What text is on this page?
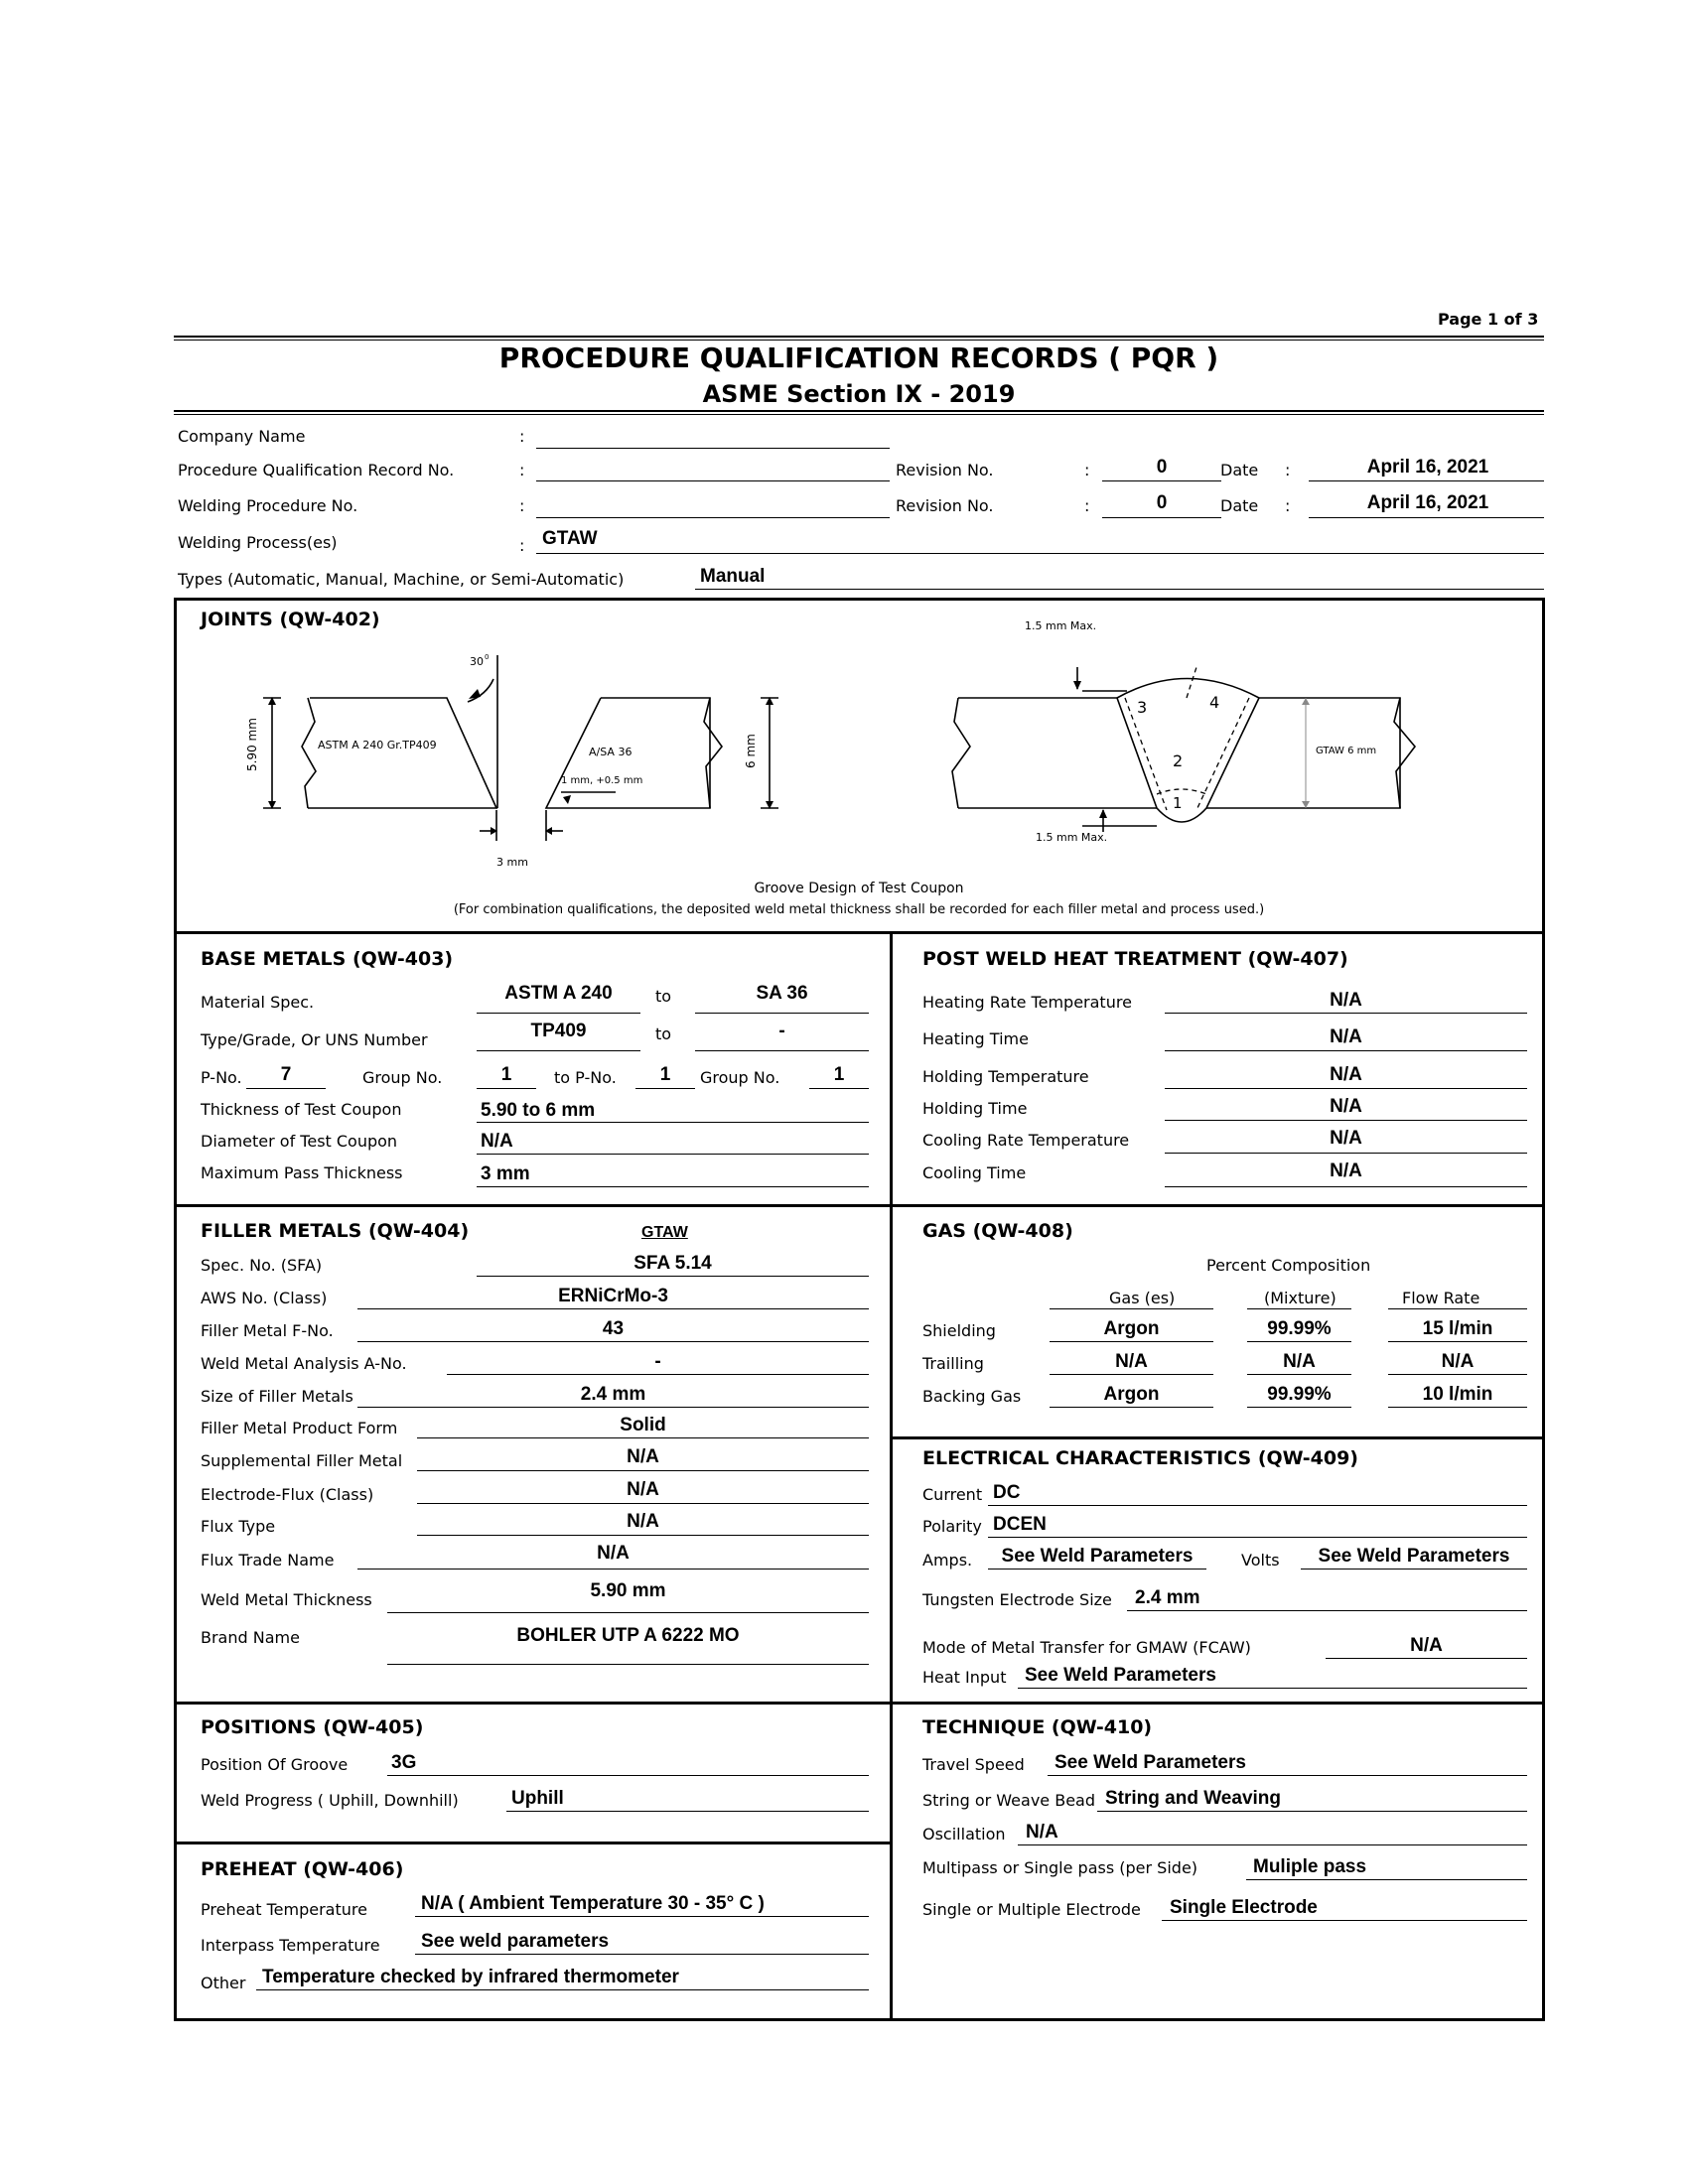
Page 1 of 3
PROCEDURE QUALIFICATION RECORDS ( PQR )
ASME Section IX - 2019
Company Name	:
Procedure Qualification Record No.	:	Revision No.	:	0	Date :	April 16, 2021
Welding Procedure No.	:	Revision No.	:	0	Date :	April 16, 2021
Welding Process(es)	: GTAW
Types (Automatic, Manual, Machine, or Semi-Automatic)	Manual
JOINTS (QW-402)
30 0
5.90 mm	ASTM A 240 Gr.TP409
A/SA 36
1 mm, +0.5 mm
6 mm
3 mm
1.5 mm Max.
1.5 mm Max.
GTAW 6 mm
1
2
3	4
Groove Design of Test Coupon
(For combination qualifications, the deposited weld metal thickness shall be recorded for each filler metal and process used.)
BASE METALS (QW-403)
Material Spec.	ASTM A 240	to	SA 36
Type/Grade, Or UNS Number	TP409	to	-
P-No.	7	Group No.	1	to P-No.	1	Group No.	1
Thickness of Test Coupon	5.90 to 6 mm
Diameter of Test Coupon	N/A
Maximum Pass Thickness	3 mm
POST WELD HEAT TREATMENT (QW-407)
Heating Rate Temperature	N/A
Heating Time	N/A
Holding Temperature	N/A
Holding Time	N/A
Cooling Rate Temperature	N/A
Cooling Time	N/A
FILLER METALS (QW-404)	GTAW
Spec. No. (SFA)	SFA 5.14
AWS No. (Class)	ERNiCrMo-3
Filler Metal F-No.	43
Weld Metal Analysis A-No.	-
Size of Filler Metals	2.4 mm
Filler Metal Product Form	Solid
Supplemental Filler Metal	N/A
Electrode-Flux (Class)	N/A
Flux Type	N/A
Flux Trade Name	N/A
Weld Metal Thickness	5.90 mm
Brand Name	BOHLER UTP A 6222 MO
GAS (QW-408)
Percent Composition
Gas (es)	(Mixture)	Flow Rate
Shielding	Argon	99.99%	15 l/min
Trailling	N/A	N/A	N/A
Backing Gas	Argon	99.99%	10 l/min
ELECTRICAL CHARACTERISTICS (QW-409)
Current DC
Polarity DCEN
Amps.	See Weld Parameters	Volts	See Weld Parameters
Tungsten Electrode Size 2.4 mm
Mode of Metal Transfer for GMAW (FCAW)	N/A
Heat Input See Weld Parameters
POSITIONS (QW-405)
Position Of Groove 3G
Weld Progress ( Uphill, Downhill)	Uphill
PREHEAT (QW-406)
Preheat Temperature	N/A ( Ambient Temperature 30 - 35° C )
Interpass Temperature See weld parameters
Other Temperature checked by infrared thermometer
TECHNIQUE (QW-410)
Travel Speed See Weld Parameters
String or Weave Bead String and Weaving
Oscillation N/A
Multipass or Single pass (per Side)	Muliple pass
Single or Multiple Electrode Single Electrode
